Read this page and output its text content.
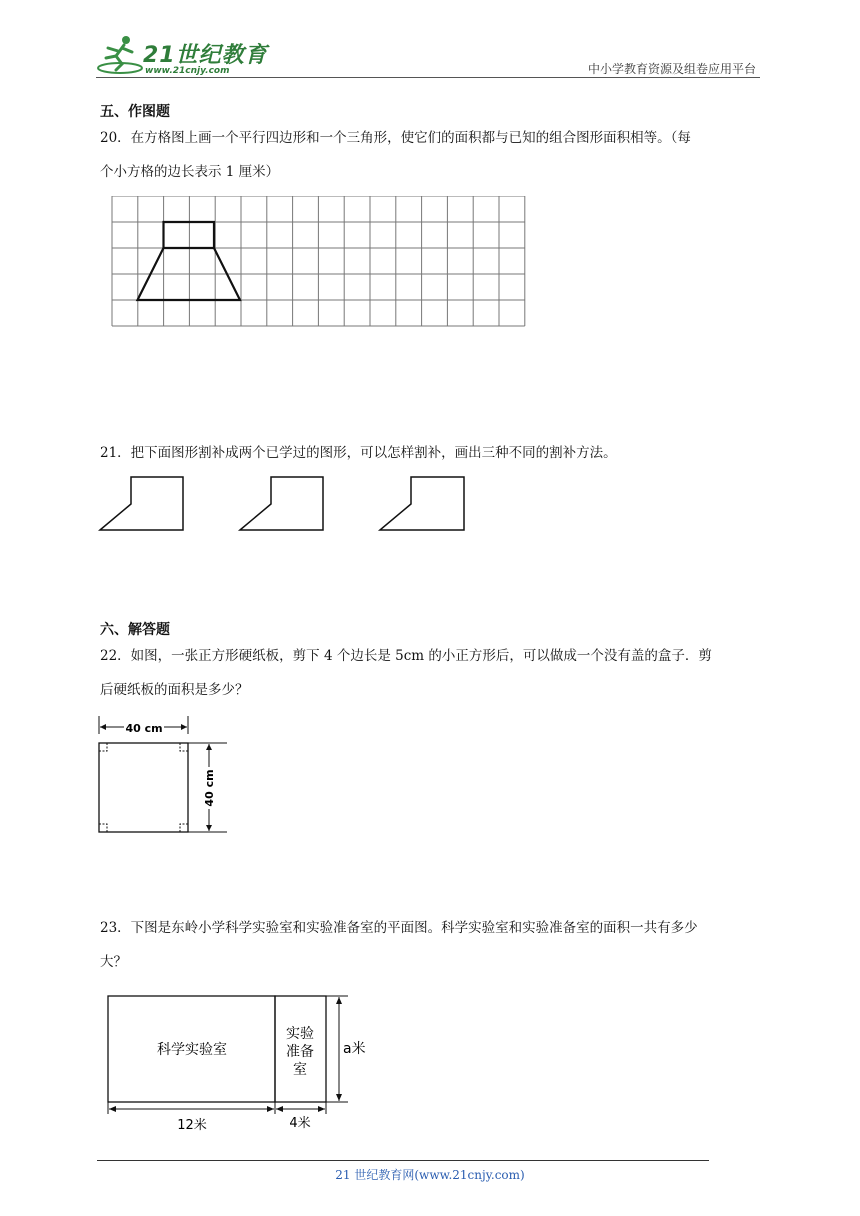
21世纪教育
www.21cnjy.com	中小学教育资源及组卷应用平台
五、作图题
20．在方格图上画一个平行四边形和一个三角形，使它们的面积都与已知的组合图形面积相等。（每
个小方格的边长表示 1 厘米）
21．把下面图形割补成两个已学过的图形，可以怎样割补，画出三种不同的割补方法。
六、解答题
22．如图，一张正方形硬纸板，剪下 4 个边长是 5cm 的小正方形后，可以做成一个没有盖的盒子．剪
后硬纸板的面积是多少？
40 cm
40 cm
23．下图是东岭小学科学实验室和实验准备室的平面图。科学实验室和实验准备室的面积一共有多少
大？
科学实验室
实验
准备
室
a米
12米	4米
21 世纪教育网(www.21cnjy.com)
